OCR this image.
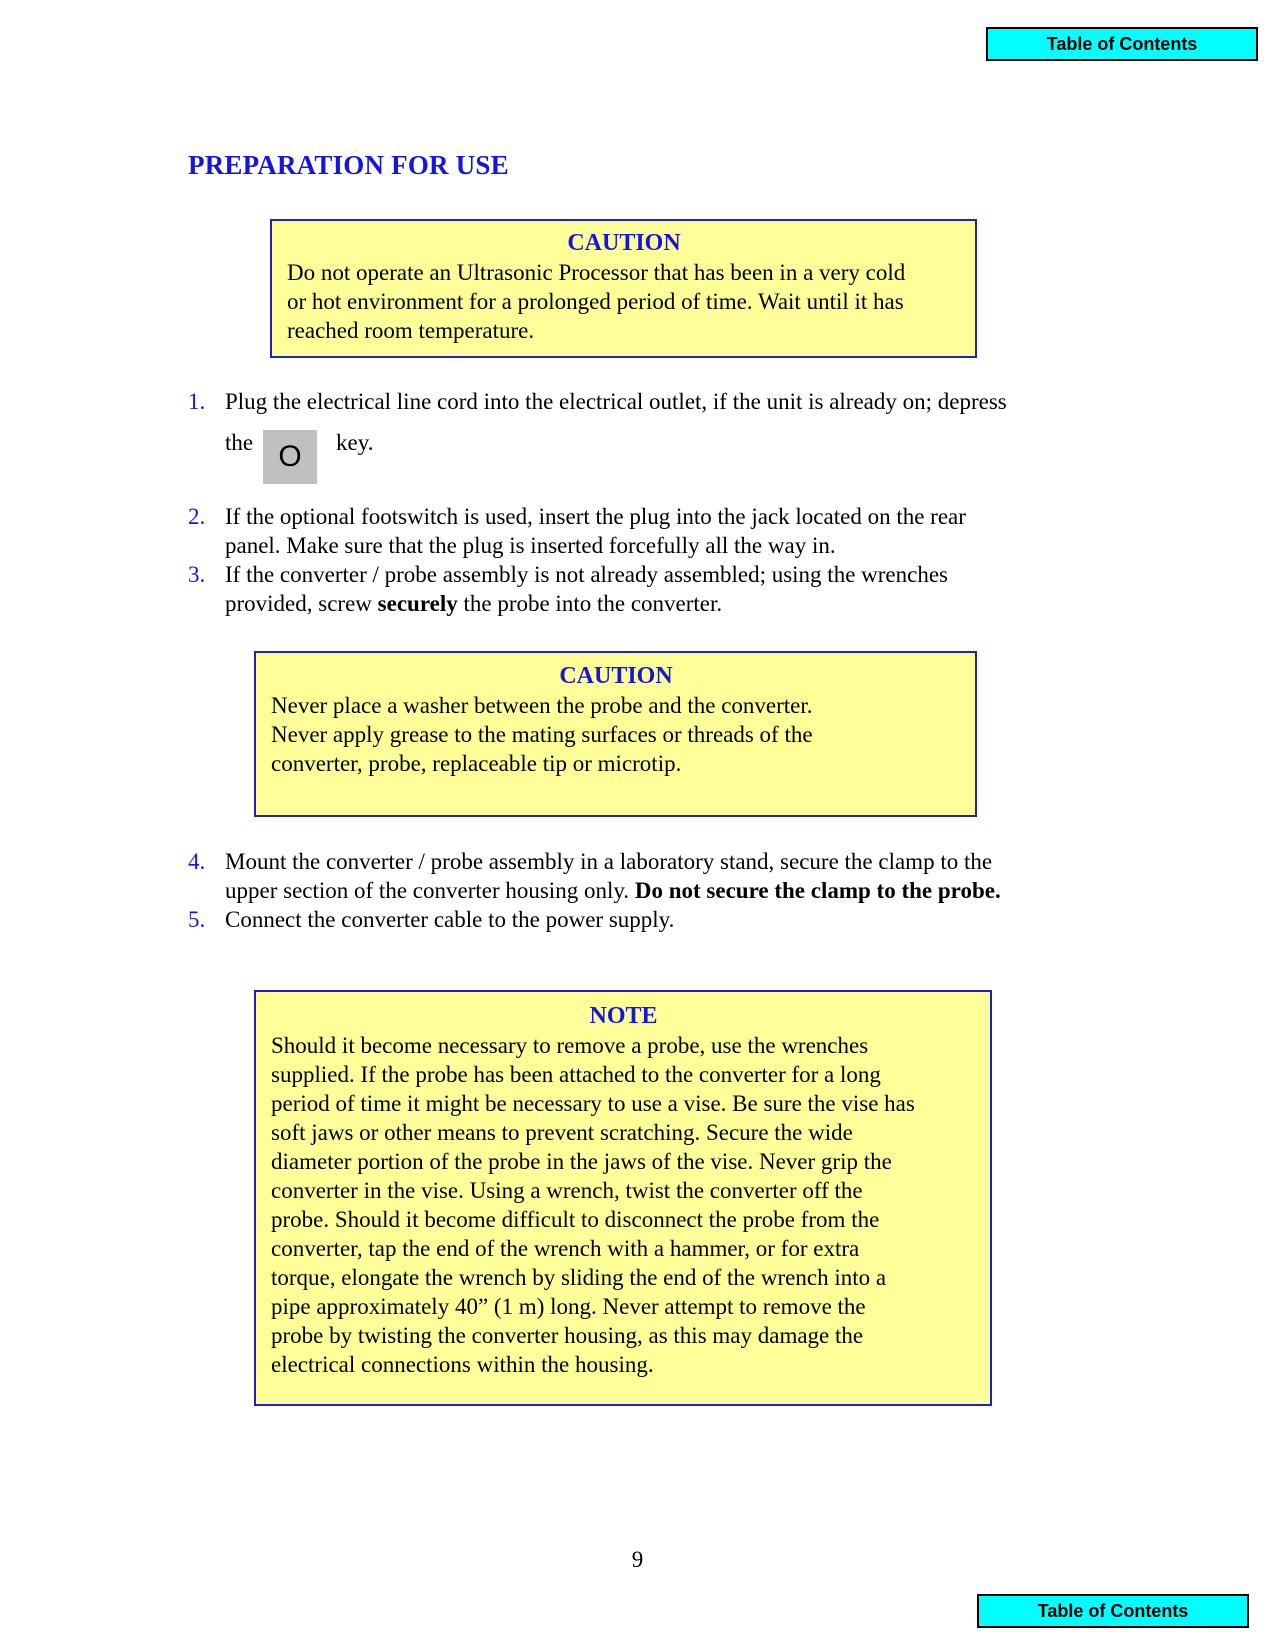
Table of Contents
PREPARATION FOR USE
CAUTION
Do not operate an Ultrasonic Processor that has been in a very cold
or hot environment for a prolonged period of time. Wait until it has
reached room temperature.
1. Plug the electrical line cord into the electrical outlet, if the unit is already on; depress
the O	key.
2. If the optional footswitch is used, insert the plug into the jack located on the rear
panel. Make sure that the plug is inserted forcefully all the way in.
3. If the converter / probe assembly is not already assembled; using the wrenches
provided, screw securely the probe into the converter.
CAUTION
Never place a washer between the probe and the converter.
Never apply grease to the mating surfaces or threads of the
converter, probe, replaceable tip or microtip.
4. Mount the converter / probe assembly in a laboratory stand, secure the clamp to the
upper section of the converter housing only. Do not secure the clamp to the probe.
5. Connect the converter cable to the power supply.
NOTE
Should it become necessary to remove a probe, use the wrenches
supplied. If the probe has been attached to the converter for a long
period of time it might be necessary to use a vise. Be sure the vise has
soft jaws or other means to prevent scratching. Secure the wide
diameter portion of the probe in the jaws of the vise. Never grip the
converter in the vise. Using a wrench, twist the converter off the
probe. Should it become difficult to disconnect the probe from the
converter, tap the end of the wrench with a hammer, or for extra
torque, elongate the wrench by sliding the end of the wrench into a
pipe approximately 40” (1 m) long. Never attempt to remove the
probe by twisting the converter housing, as this may damage the
electrical connections within the housing.
9
Table of Contents
